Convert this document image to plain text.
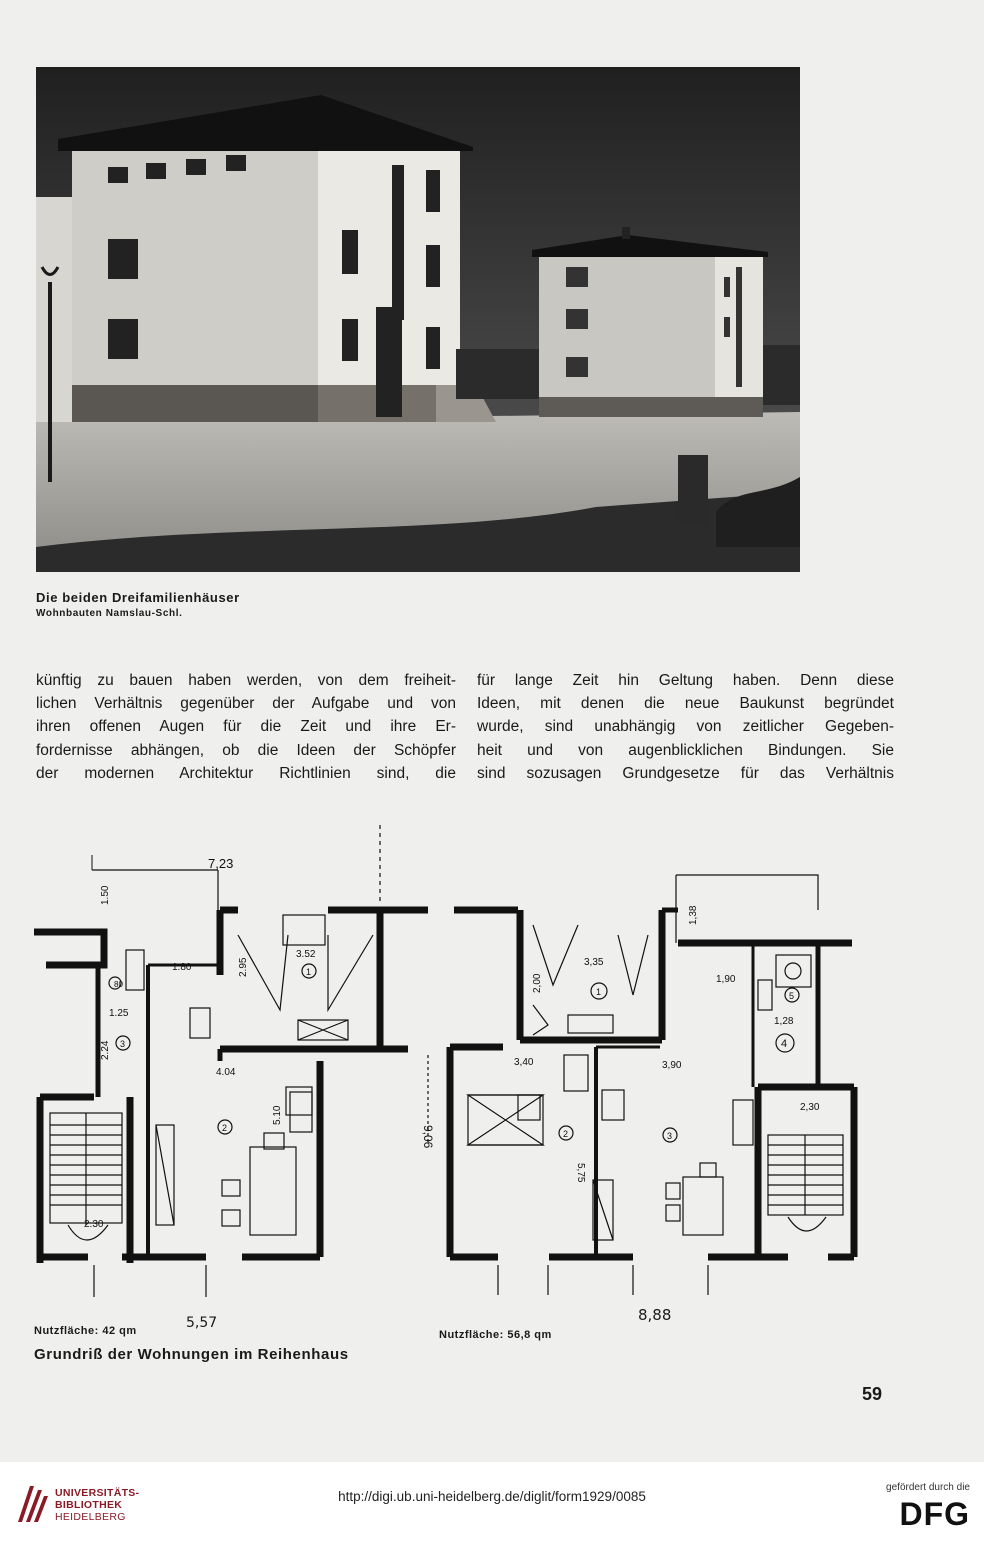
Die beiden Dreifamilienhäuser
Wohnbauten Namslau-Schl.
künftig zu bauen haben werden, von dem freiheit-
lichen Verhältnis gegenüber der Aufgabe und von
ihren offenen Augen für die Zeit und ihre Er-
fordernisse abhängen, ob die Ideen der Schöpfer
der modernen Architektur Richtlinien sind, die
für lange Zeit hin Geltung haben. Denn diese
Ideen, mit denen die neue Baukunst begründet
wurde, sind unabhängig von zeitlicher Gegeben-
heit und von augenblicklichen Bindungen. Sie
sind sozusagen Grundgesetze für das Verhältnis
7,23
1.50
1.80	2.95
3.52
1.25
2.24
4.04
5.10
2.30
80
1
2
3
9,06
1,38
3,35
2,00	1,90
1,28
3,40	3,90
5,75
2,30
1
2	3
4
5
Nutzfläche: 42 qm	5,57
Nutzfläche: 56,8 qm
8,88
Grundriß der Wohnungen im Reihenhaus
59
UNIVERSITÄTS-
BIBLIOTHEK
HEIDELBERG
http://digi.ub.uni-heidelberg.de/diglit/form1929/0085
gefördert durch die
DFG
